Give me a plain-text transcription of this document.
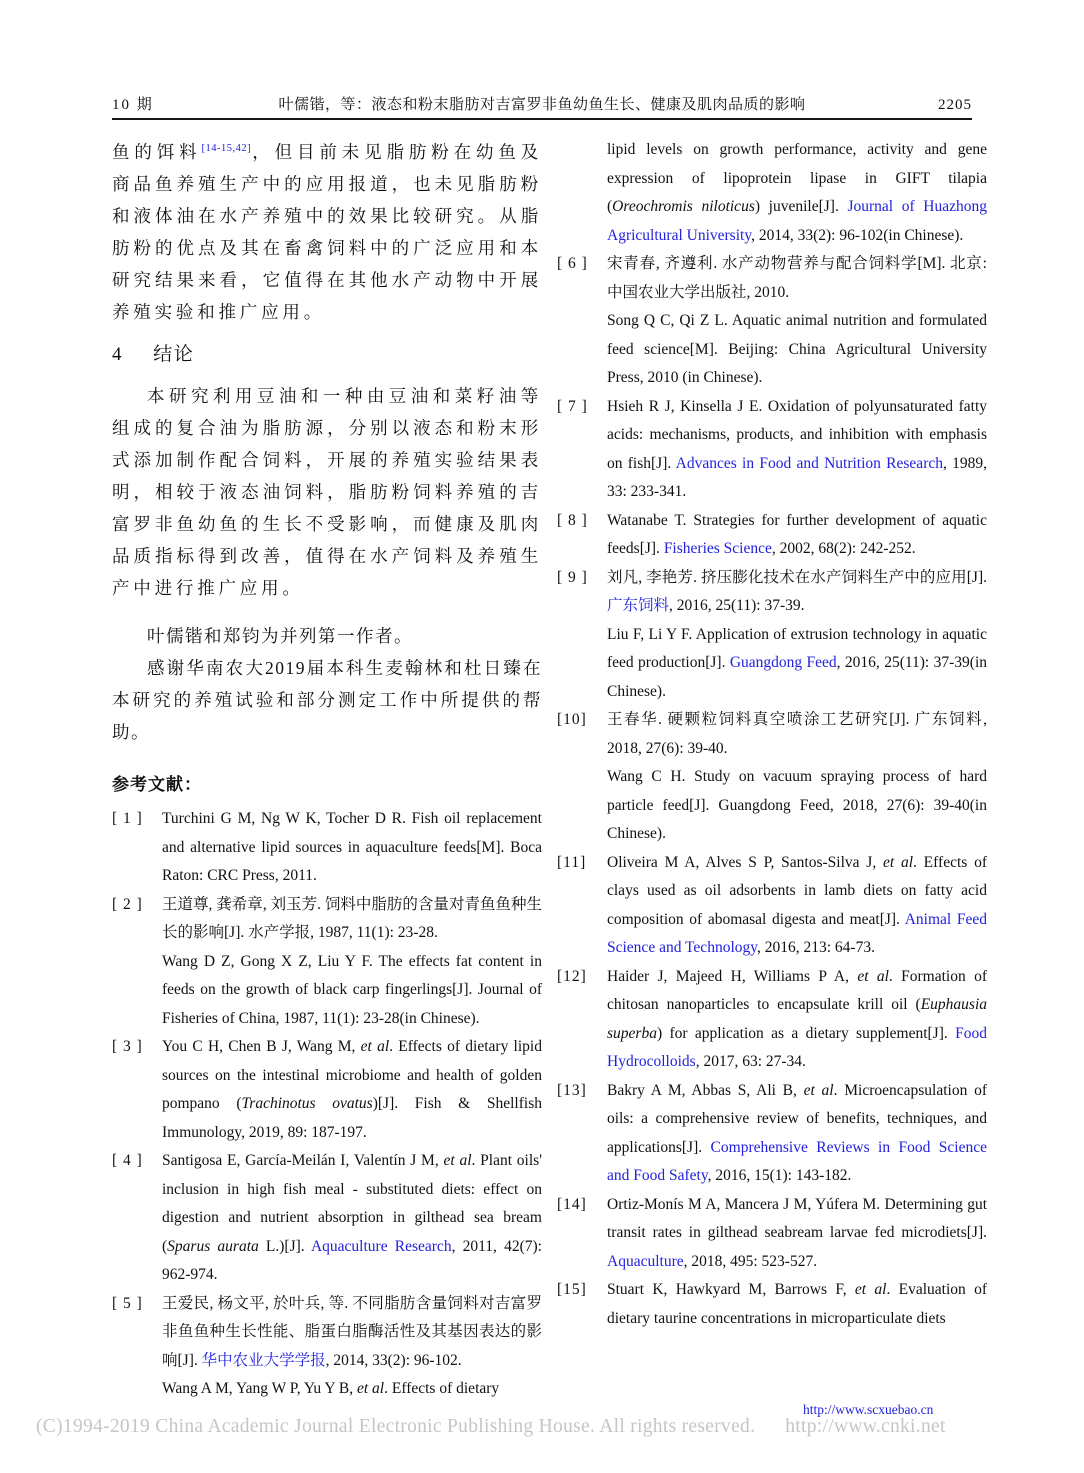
10 期	叶儒锴，等：液态和粉末脂肪对吉富罗非鱼幼鱼生长、健康及肌肉品质的影响	2205
鱼的饵料[14-15,42]，但目前未见脂肪粉在幼鱼及商品鱼养殖生产中的应用报道，也未见脂肪粉和液体油在水产养殖中的效果比较研究。从脂肪粉的优点及其在畜禽饲料中的广泛应用和本研究结果来看，它值得在其他水产动物中开展养殖实验和推广应用。
4 结论
本研究利用豆油和一种由豆油和菜籽油等组成的复合油为脂肪源，分别以液态和粉末形式添加制作配合饲料，开展的养殖实验结果表明，相较于液态油饲料，脂肪粉饲料养殖的吉富罗非鱼幼鱼的生长不受影响，而健康及肌肉品质指标得到改善，值得在水产饲料及养殖生产中进行推广应用。
叶儒锴和郑钧为并列第一作者。
感谢华南农大2019届本科生麦翰林和杜日臻在本研究的养殖试验和部分测定工作中所提供的帮助。
参考文献：
[ 1 ] Turchini G M, Ng W K, Tocher D R. Fish oil replacement and alternative lipid sources in aquaculture feeds[M]. Boca Raton: CRC Press, 2011.
[ 2 ] 王道尊, 龚希章, 刘玉芳. 饲料中脂肪的含量对青鱼鱼种生长的影响[J]. 水产学报, 1987, 11(1): 23-28.
Wang D Z, Gong X Z, Liu Y F. The effects fat content in feeds on the growth of black carp fingerlings[J]. Journal of Fisheries of China, 1987, 11(1): 23-28(in Chinese).
[ 3 ] You C H, Chen B J, Wang M, et al. Effects of dietary lipid sources on the intestinal microbiome and health of golden pompano (Trachinotus ovatus)[J]. Fish & Shellfish Immunology, 2019, 89: 187-197.
[ 4 ] Santigosa E, García-Meilán I, Valentín J M, et al. Plant oils' inclusion in high fish meal - substituted diets: effect on digestion and nutrient absorption in gilthead sea bream (Sparus aurata L.)[J]. Aquaculture Research, 2011, 42(7): 962-974.
[ 5 ] 王爱民, 杨文平, 於叶兵, 等. 不同脂肪含量饲料对吉富罗非鱼鱼种生长性能、脂蛋白脂酶活性及其基因表达的影响[J]. 华中农业大学学报, 2014, 33(2): 96-102.
Wang A M, Yang W P, Yu Y B, et al. Effects of dietary
lipid levels on growth performance, activity and gene expression of lipoprotein lipase in GIFT tilapia (Oreochromis niloticus) juvenile[J]. Journal of Huazhong Agricultural University, 2014, 33(2): 96-102(in Chinese).
[ 6 ] 宋青春, 齐遵利. 水产动物营养与配合饲料学[M]. 北京: 中国农业大学出版社, 2010.
Song Q C, Qi Z L. Aquatic animal nutrition and formulated feed science[M]. Beijing: China Agricultural University Press, 2010 (in Chinese).
[ 7 ] Hsieh R J, Kinsella J E. Oxidation of polyunsaturated fatty acids: mechanisms, products, and inhibition with emphasis on fish[J]. Advances in Food and Nutrition Research, 1989, 33: 233-341.
[ 8 ] Watanabe T. Strategies for further development of aquatic feeds[J]. Fisheries Science, 2002, 68(2): 242-252.
[ 9 ] 刘凡, 李艳芳. 挤压膨化技术在水产饲料生产中的应用[J]. 广东饲料, 2016, 25(11): 37-39.
Liu F, Li Y F. Application of extrusion technology in aquatic feed production[J]. Guangdong Feed, 2016, 25(11): 37-39(in Chinese).
[10] 王春华. 硬颗粒饲料真空喷涂工艺研究[J]. 广东饲料, 2018, 27(6): 39-40.
Wang C H. Study on vacuum spraying process of hard particle feed[J]. Guangdong Feed, 2018, 27(6): 39-40(in Chinese).
[11] Oliveira M A, Alves S P, Santos-Silva J, et al. Effects of clays used as oil adsorbents in lamb diets on fatty acid composition of abomasal digesta and meat[J]. Animal Feed Science and Technology, 2016, 213: 64-73.
[12] Haider J, Majeed H, Williams P A, et al. Formation of chitosan nanoparticles to encapsulate krill oil (Euphausia superba) for application as a dietary supplement[J]. Food Hydrocolloids, 2017, 63: 27-34.
[13] Bakry A M, Abbas S, Ali B, et al. Microencapsulation of oils: a comprehensive review of benefits, techniques, and applications[J]. Comprehensive Reviews in Food Science and Food Safety, 2016, 15(1): 143-182.
[14] Ortiz-Monís M A, Mancera J M, Yúfera M. Determining gut transit rates in gilthead seabream larvae fed microdiets[J]. Aquaculture, 2018, 495: 523-527.
[15] Stuart K, Hawkyard M, Barrows F, et al. Evaluation of dietary taurine concentrations in microparticulate diets
http://www.scxuebao.cn
(C)1994-2019 China Academic Journal Electronic Publishing House. All rights reserved. http://www.cnki.net
